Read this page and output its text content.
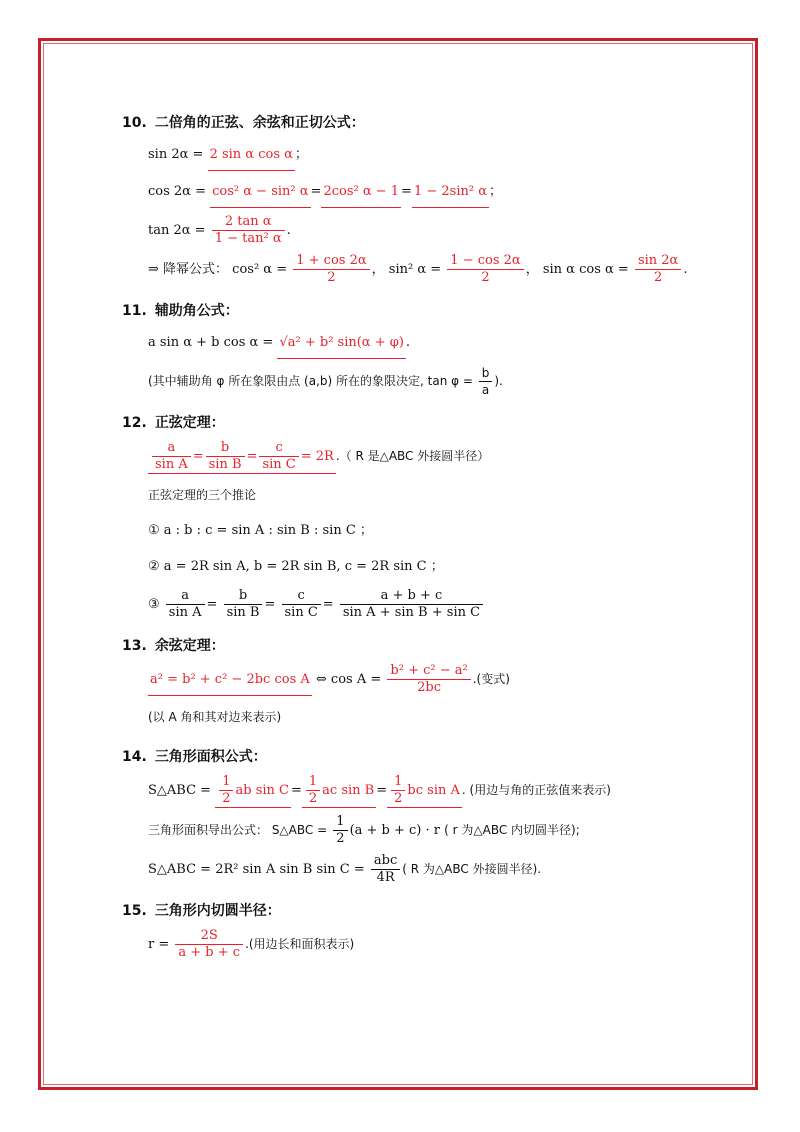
10. 二倍角的正弦、余弦和正切公式：
sin 2α = 2 sin α cos α ；
cos 2α = cos² α − sin² α = 2cos² α − 1 = 1 − 2sin² α ；
$\tan 2\alpha = \frac{\text{2 tan α}}{\text{1 − tan² α}}$ .
⇒ 降幂公式： cos² $\alpha = \frac{1 + \cos 2\alpha}{2}$ ， sin² $\alpha = \frac{1 - \cos 2\alpha}{2}$ ， sin α $\cos \alpha = \frac{\sin 2\alpha}{2}$ .
11. 辅助角公式：
a sin α + b cos α = √a² + b² sin(α + φ) .
(其中辅助角 φ 所在象限由点 (a,b) 所在的象限决定, $\tan \varphi = \frac{b}{a}$ ).
12. 正弦定理：
$\frac{a}{\text{sin A}} = \frac{b}{\text{sin B}} = \frac{c}{\text{sin C}} = 2R$ .（ R 是△ABC 外接圆半径）
正弦定理的三个推论
① a : b : c = sin A : sin B : sin C ；
② a = 2R sin A, b = 2R sin B, c = 2R sin C ；
③ $\frac{a}{\text{sin A}} = \frac{b}{\text{sin B}} = \frac{c}{\text{sin C}} = \frac{a + b + c}{\text{sin A + sin B + sin C}}$
13. 余弦定理：
a² = b² + c² − 2bc cos A ⇔ $\cos A = \frac{\text{b² + c² − a²}}{2bc}$ .(变式)
(以 A 角和其对边来表示)
14. 三角形面积公式：
S△ABC = $\frac{1}{2}$ ab $\sin C = \frac{1}{2}$ ac $\sin B = \frac{1}{2}$ bc sin A . (用边与角的正弦值来表示)
三角形面积导出公式： S△ABC = $\frac{1}{2} (a + b + c) \cdot r$ ( r 为△ABC 内切圆半径);
S△ABC = 2R² sin A sin B $\sin C = \frac{\text{abc}}{4R}$ ( R 为△ABC 外接圆半径).
15. 三角形内切圆半径：
$r = \frac{2S}{a + b + c}$ .(用边长和面积表示)
